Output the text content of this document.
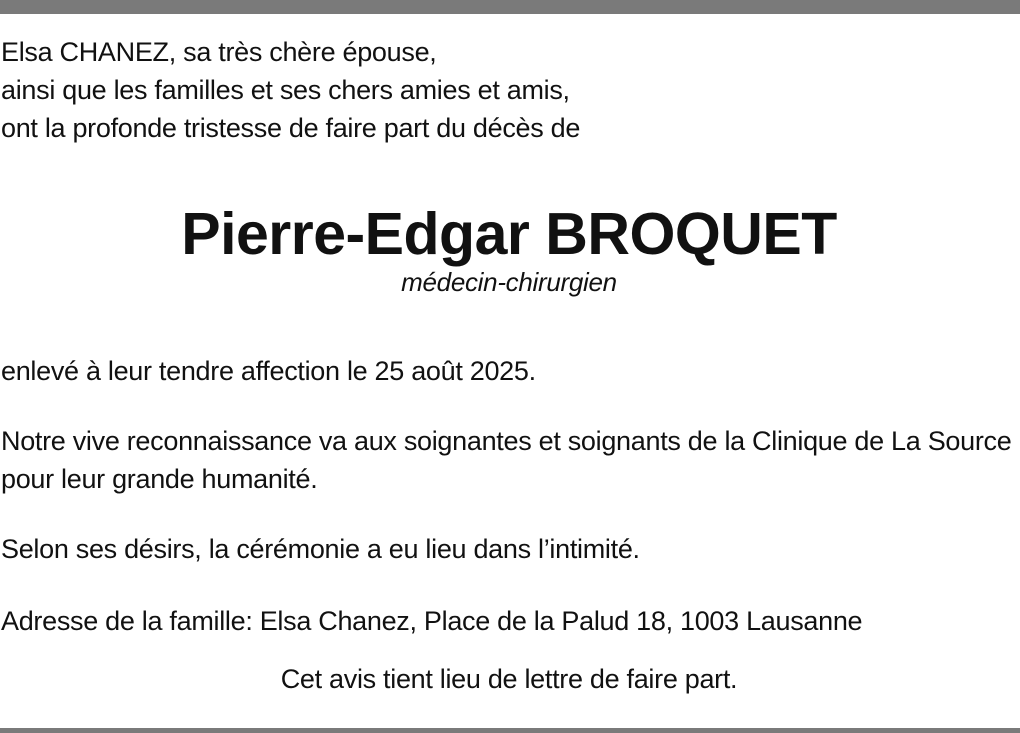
Elsa CHANEZ, sa très chère épouse,
ainsi que les familles et ses chers amies et amis,
ont la profonde tristesse de faire part du décès de

Pierre-Edgar BROQUET
médecin-chirurgien

enlevé à leur tendre affection le 25 août 2025.

Notre vive reconnaissance va aux soignantes et soignants de la Clinique de La Source pour leur grande humanité.

Selon ses désirs, la cérémonie a eu lieu dans l’intimité.

Adresse de la famille: Elsa Chanez, Place de la Palud 18, 1003 Lausanne

Cet avis tient lieu de lettre de faire part.
